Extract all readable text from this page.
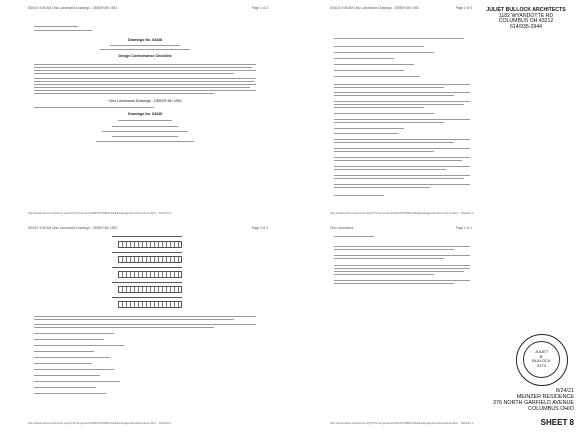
8/24/21 9:56 AM Ohio Landmarks Drawings - GEBER 5th 1953	Page 1 of 3
Drawings No. 63348
Design Conformance Checklist
Ohio Landmarks Drawings - GEBER 5th 1953
Drawings No. 63348
http://landmarks.columbus.org/SYS?ecryptions/CRD7FF8RNLDFE/landpage/tentGemstone-SIG... 8/24/21 1
8/24/21 9:56 AM Ohio Landmarks Drawings - GEBER 5th 1953	Page 2 of 3
http://landmarks.columbus.org/SYS?ecryptions/CRD7FF8RNLDFE/landpage/tentGemstone-SIG... 8/24/21 1
8/24/21 9:56 AM Ohio Landmarks Drawings - GEBER 5th 1953	Page 3 of 3
http://landmarks.columbus.org/SYS?ecryptions/CRD7FF8RNLDFE/landpage/tentGemstone-SIG... 8/24/21 1
Ohio Landmarks	Page 1 of 1
http://landmarks.columbus.org/SYS?ecryptions/CRD7FF8RNLDFE/landpage/tentGemstone-SIG... 8/24/21 1
JULIET BULLOCK ARCHITECTS
1182 WYANDOTTE RD
COLUMBUS OH 43212
614/935-2944
JULIET
B.
BULLOCK
9374
8/24/21
MEINZER RESIDENCE
376 NORTH GARFIELD AVENUE
COLUMBUS OHIO
SHEET 8
